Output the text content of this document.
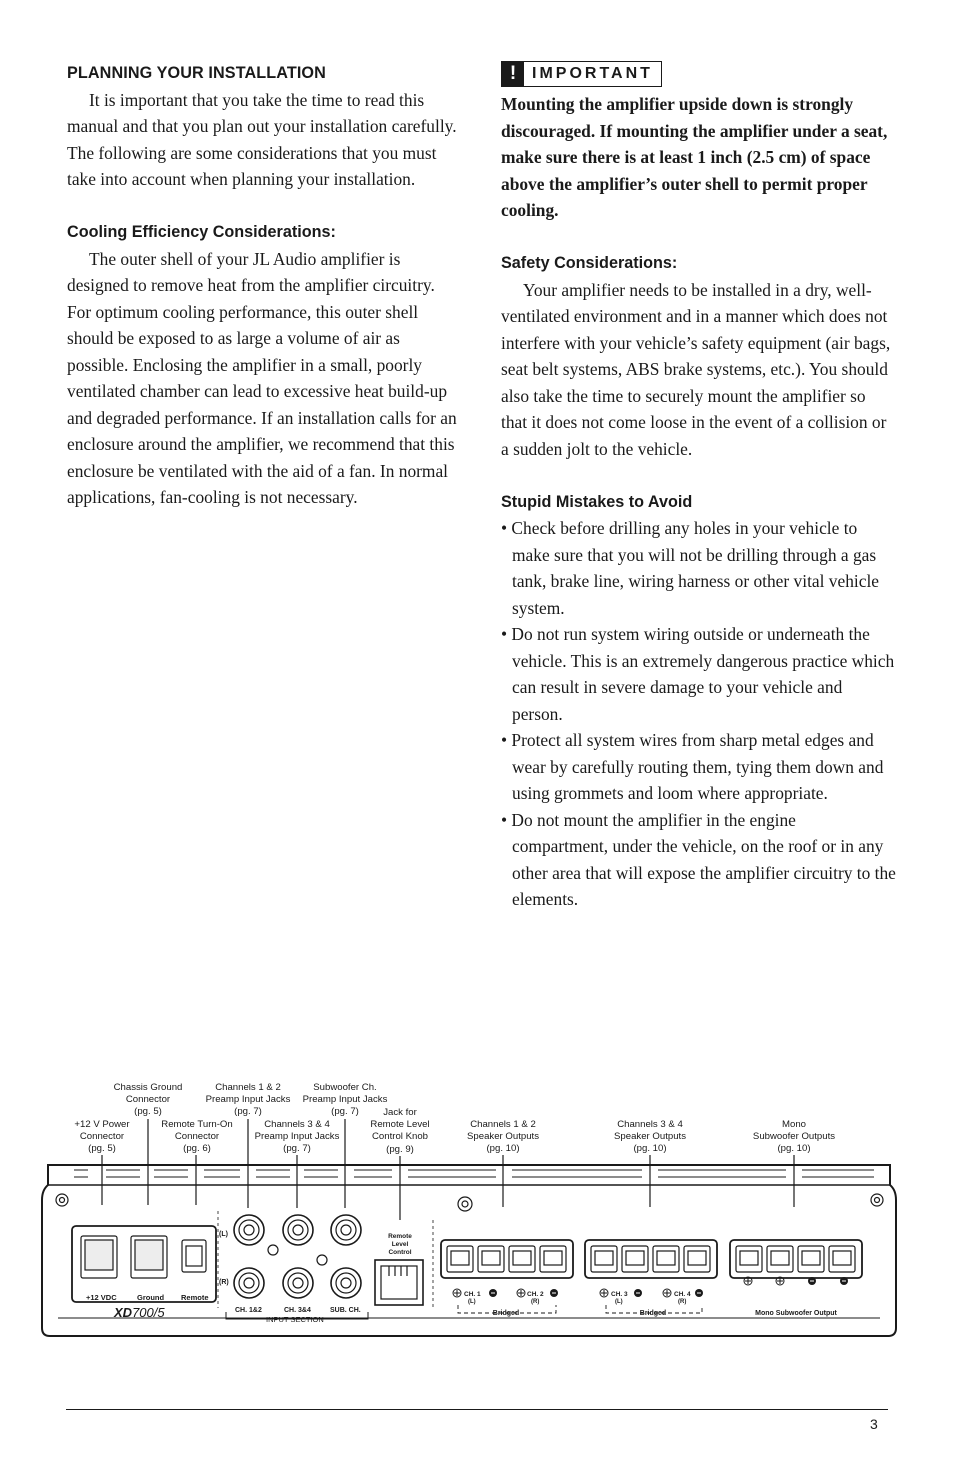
PLANNING YOUR INSTALLATION

It is important that you take the time to read this manual and that you plan out your installation carefully. The following are some considerations that you must take into account when planning your installation.

Cooling Efficiency Considerations:

The outer shell of your JL Audio amplifier is designed to remove heat from the amplifier circuitry. For optimum cooling performance, this outer shell should be exposed to as large a volume of air as possible. Enclosing the amplifier in a small, poorly ventilated chamber can lead to excessive heat build-up and degraded performance. If an installation calls for an enclosure around the amplifier, we recommend that this enclosure be ventilated with the aid of a fan. In normal applications, fan-cooling is not necessary.

! IMPORTANT

Mounting the amplifier upside down is strongly discouraged. If mounting the amplifier under a seat, make sure there is at least 1 inch (2.5 cm) of space above the amplifier’s outer shell to permit proper cooling.

Safety Considerations:

Your amplifier needs to be installed in a dry, well-ventilated environment and in a manner which does not interfere with your vehicle’s safety equipment (air bags, seat belt systems, ABS brake systems, etc.). You should also take the time to securely mount the amplifier so that it does not come loose in the event of a collision or a sudden jolt to the vehicle.

Stupid Mistakes to Avoid

• Check before drilling any holes in your vehicle to make sure that you will not be drilling through a gas tank, brake line, wiring harness or other vital vehicle system.

• Do not run system wiring outside or underneath the vehicle. This is an extremely dangerous practice which can result in severe damage to your vehicle and person.

• Protect all system wires from sharp metal edges and wear by carefully routing them, tying them down and using grommets and loom where appropriate.

• Do not mount the amplifier in the engine compartment, under the vehicle, on the roof or in any other area that will expose the amplifier circuitry to the elements.

Chassis Ground
Connector
(pg. 5)
Channels 1 & 2
Preamp Input Jacks
(pg. 7)
Subwoofer Ch.
Preamp Input Jacks
(pg. 7)
+12 V Power
Connector
(pg. 5)
Remote Turn-On
Connector
(pg. 6)
Channels 3 & 4
Preamp Input Jacks
(pg. 7)
Jack for
Remote Level
Control Knob
(pg. 9)
Channels 1 & 2
Speaker Outputs
(pg. 10)
Channels 3 & 4
Speaker Outputs
(pg. 10)
Mono
Subwoofer Outputs
(pg. 10)
+12 VDC	Ground Remote
XD700/5
(L)
(R)
CH. 1&2	CH. 3&4	SUB. CH.
INPUT SECTION
Remote
Level
Control
CH. 1
(L)
CH. 2
(R)
Bridged
CH. 3
(L)
CH. 4
(R)
Bridged	Mono Subwoofer Output
3
